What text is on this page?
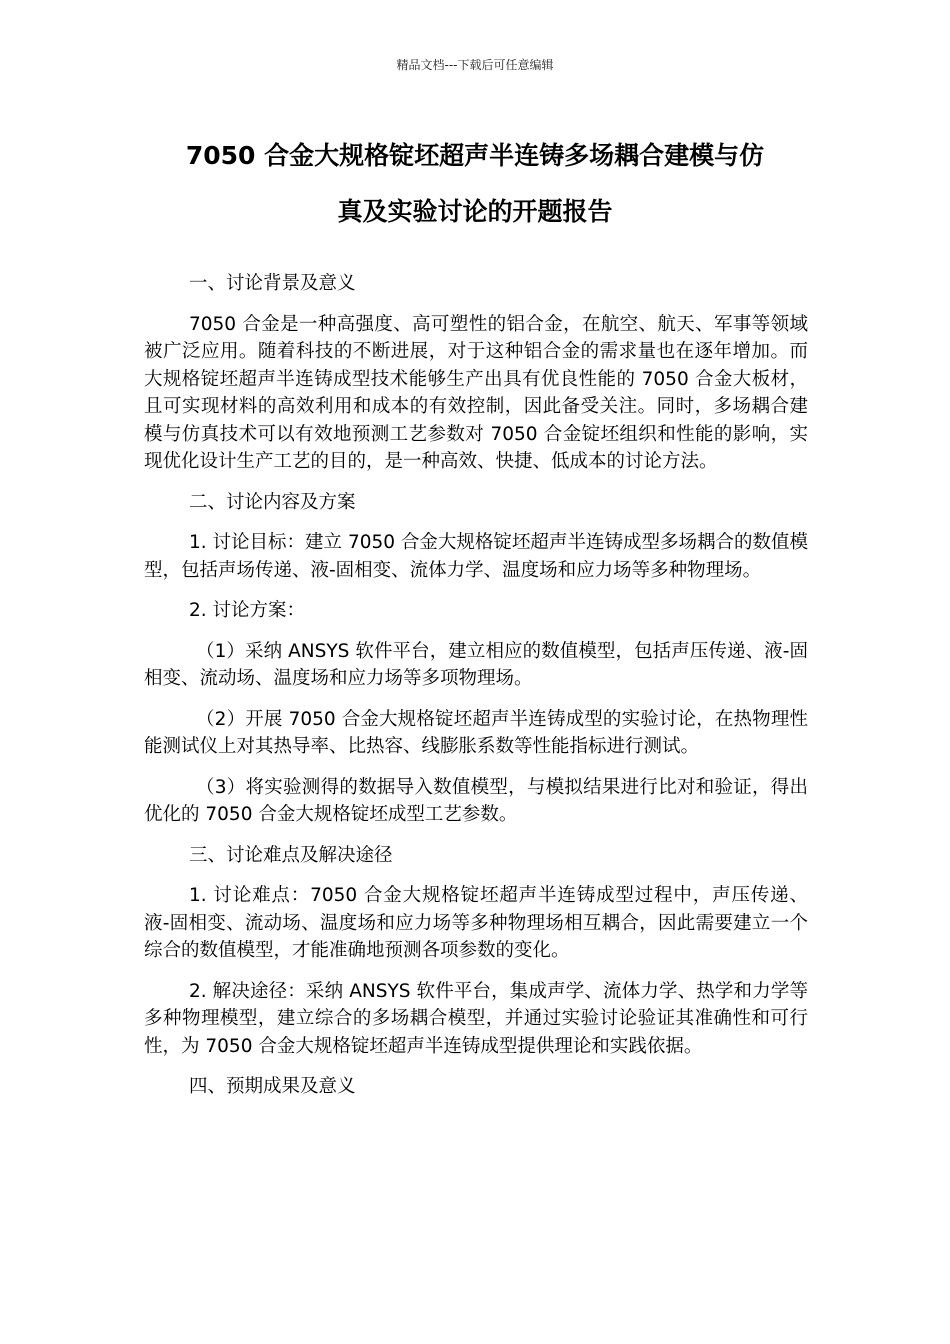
精品文档---下载后可任意编辑
7050 合金大规格锭坯超声半连铸多场耦合建模与仿
真及实验讨论的开题报告

一、讨论背景及意义

7050 合金是一种高强度、高可塑性的铝合金，在航空、航天、军事等领域被广泛应用。随着科技的不断进展，对于这种铝合金的需求量也在逐年增加。而大规格锭坯超声半连铸成型技术能够生产出具有优良性能的 7050 合金大板材，且可实现材料的高效利用和成本的有效控制，因此备受关注。同时，多场耦合建模与仿真技术可以有效地预测工艺参数对 7050 合金锭坯组织和性能的影响，实现优化设计生产工艺的目的，是一种高效、快捷、低成本的讨论方法。

二、讨论内容及方案

1. 讨论目标：建立 7050 合金大规格锭坯超声半连铸成型多场耦合的数值模型，包括声场传递、液-固相变、流体力学、温度场和应力场等多种物理场。

2. 讨论方案：

（1）采纳 ANSYS 软件平台，建立相应的数值模型，包括声压传递、液-固相变、流动场、温度场和应力场等多项物理场。

（2）开展 7050 合金大规格锭坯超声半连铸成型的实验讨论，在热物理性能测试仪上对其热导率、比热容、线膨胀系数等性能指标进行测试。

（3）将实验测得的数据导入数值模型，与模拟结果进行比对和验证，得出优化的 7050 合金大规格锭坯成型工艺参数。

三、讨论难点及解决途径

1. 讨论难点：7050 合金大规格锭坯超声半连铸成型过程中，声压传递、液-固相变、流动场、温度场和应力场等多种物理场相互耦合，因此需要建立一个综合的数值模型，才能准确地预测各项参数的变化。

2. 解决途径：采纳 ANSYS 软件平台，集成声学、流体力学、热学和力学等多种物理模型，建立综合的多场耦合模型，并通过实验讨论验证其准确性和可行性，为 7050 合金大规格锭坯超声半连铸成型提供理论和实践依据。

四、预期成果及意义
